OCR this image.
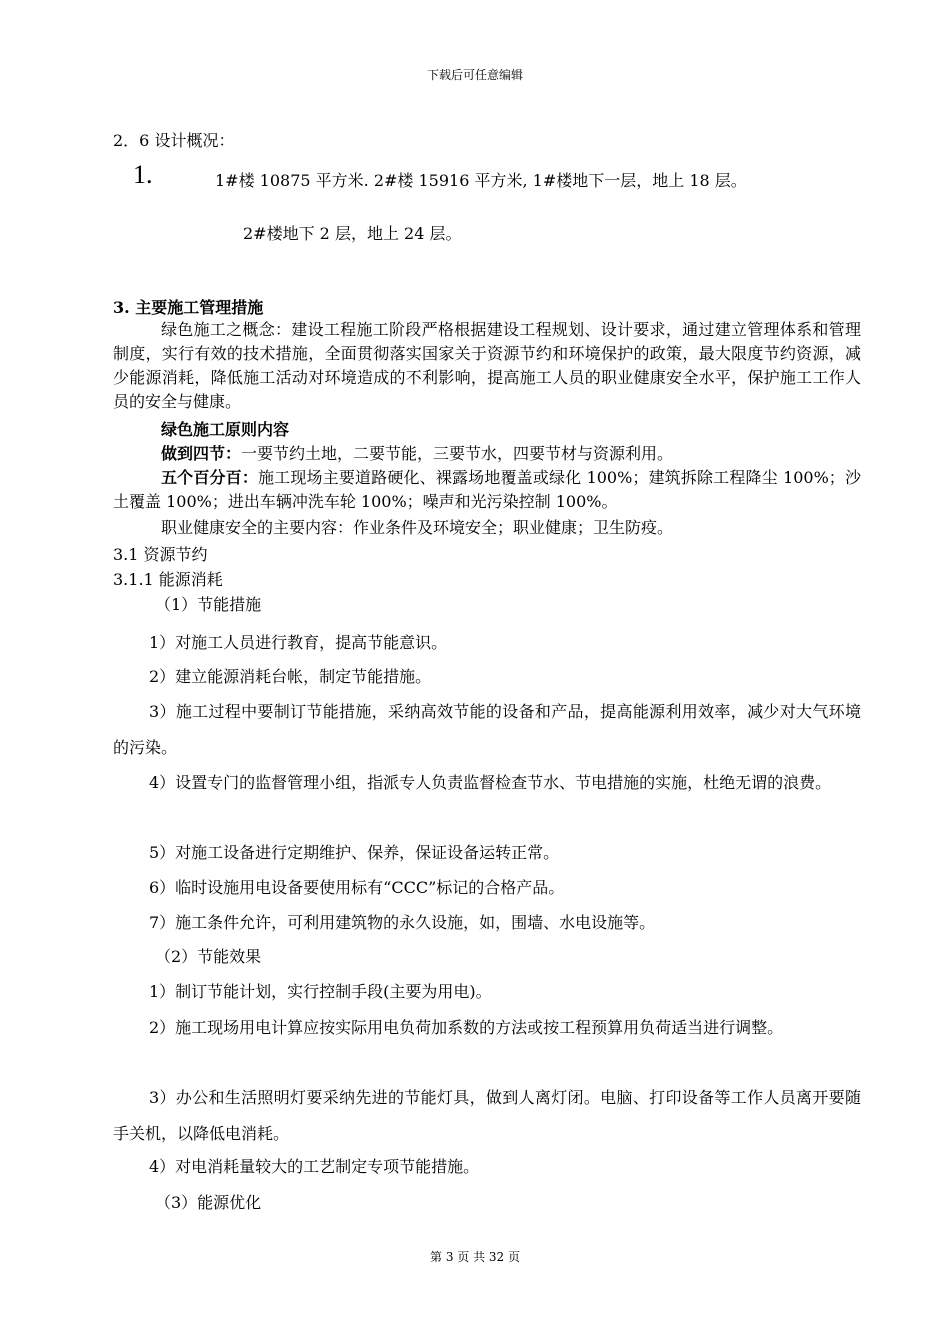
下载后可任意编辑
2．6 设计概况：
1.	1#楼 10875 平方米. 2#楼 15916 平方米, 1#楼地下一层，地上 18 层。
2#楼地下 2 层，地上 24 层。
3. 主要施工管理措施
绿色施工之概念：建设工程施工阶段严格根据建设工程规划、设计要求，通过建立管理体系和管理制度，实行有效的技术措施，全面贯彻落实国家关于资源节约和环境保护的政策，最大限度节约资源，减少能源消耗，降低施工活动对环境造成的不利影响，提高施工人员的职业健康安全水平，保护施工工作人员的安全与健康。
绿色施工原则内容
做到四节：一要节约土地，二要节能，三要节水，四要节材与资源利用。
五个百分百：施工现场主要道路硬化、裸露场地覆盖或绿化 100%；建筑拆除工程降尘 100%；沙土覆盖 100%；进出车辆冲洗车轮 100%；噪声和光污染控制 100%。
职业健康安全的主要内容：作业条件及环境安全；职业健康；卫生防疫。
3.1 资源节约
3.1.1 能源消耗
（1）节能措施
1）对施工人员进行教育，提高节能意识。
2）建立能源消耗台帐，制定节能措施。
3）施工过程中要制订节能措施，采纳高效节能的设备和产品，提高能源利用效率，减少对大气环境的污染。
4）设置专门的监督管理小组，指派专人负责监督检查节水、节电措施的实施，杜绝无谓的浪费。
5）对施工设备进行定期维护、保养，保证设备运转正常。
6）临时设施用电设备要使用标有“CCC”标记的合格产品。
7）施工条件允许，可利用建筑物的永久设施，如，围墙、水电设施等。
（2）节能效果
1）制订节能计划，实行控制手段(主要为用电)。
2）施工现场用电计算应按实际用电负荷加系数的方法或按工程预算用负荷适当进行调整。
3）办公和生活照明灯要采纳先进的节能灯具，做到人离灯闭。电脑、打印设备等工作人员离开要随手关机，以降低电消耗。
4）对电消耗量较大的工艺制定专项节能措施。
（3）能源优化
第 3 页 共 32 页
